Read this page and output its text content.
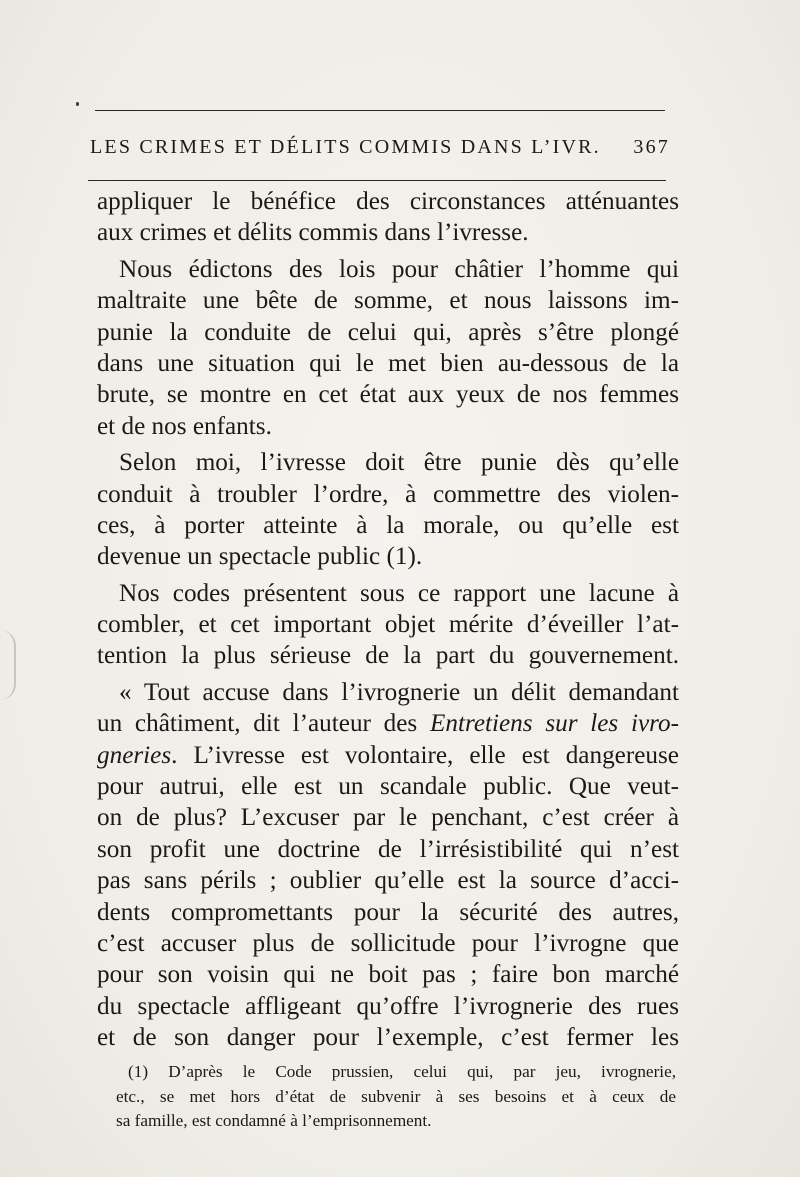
LES CRIMES ET DÉLITS COMMIS DANS L’IVR. 367
appliquer le bénéfice des circonstances atténuantes
aux crimes et délits commis dans l’ivresse.
Nous édictons des lois pour châtier l’homme qui
maltraite une bête de somme, et nous laissons im-
punie la conduite de celui qui, après s’être plongé
dans une situation qui le met bien au-dessous de la
brute, se montre en cet état aux yeux de nos femmes
et de nos enfants.
Selon moi, l’ivresse doit être punie dès qu’elle
conduit à troubler l’ordre, à commettre des violen-
ces, à porter atteinte à la morale, ou qu’elle est
devenue un spectacle public (1).
Nos codes présentent sous ce rapport une lacune à
combler, et cet important objet mérite d’éveiller l’at-
tention la plus sérieuse de la part du gouvernement.
« Tout accuse dans l’ivrognerie un délit demandant
un châtiment, dit l’auteur des Entretiens sur les ivro-
gneries. L’ivresse est volontaire, elle est dangereuse
pour autrui, elle est un scandale public. Que veut-
on de plus? L’excuser par le penchant, c’est créer à
son profit une doctrine de l’irrésistibilité qui n’est
pas sans périls ; oublier qu’elle est la source d’acci-
dents compromettants pour la sécurité des autres,
c’est accuser plus de sollicitude pour l’ivrogne que
pour son voisin qui ne boit pas ; faire bon marché
du spectacle affligeant qu’offre l’ivrognerie des rues
et de son danger pour l’exemple, c’est fermer les
(1) D’après le Code prussien, celui qui, par jeu, ivrognerie,
etc., se met hors d’état de subvenir à ses besoins et à ceux de
sa famille, est condamné à l’emprisonnement.
